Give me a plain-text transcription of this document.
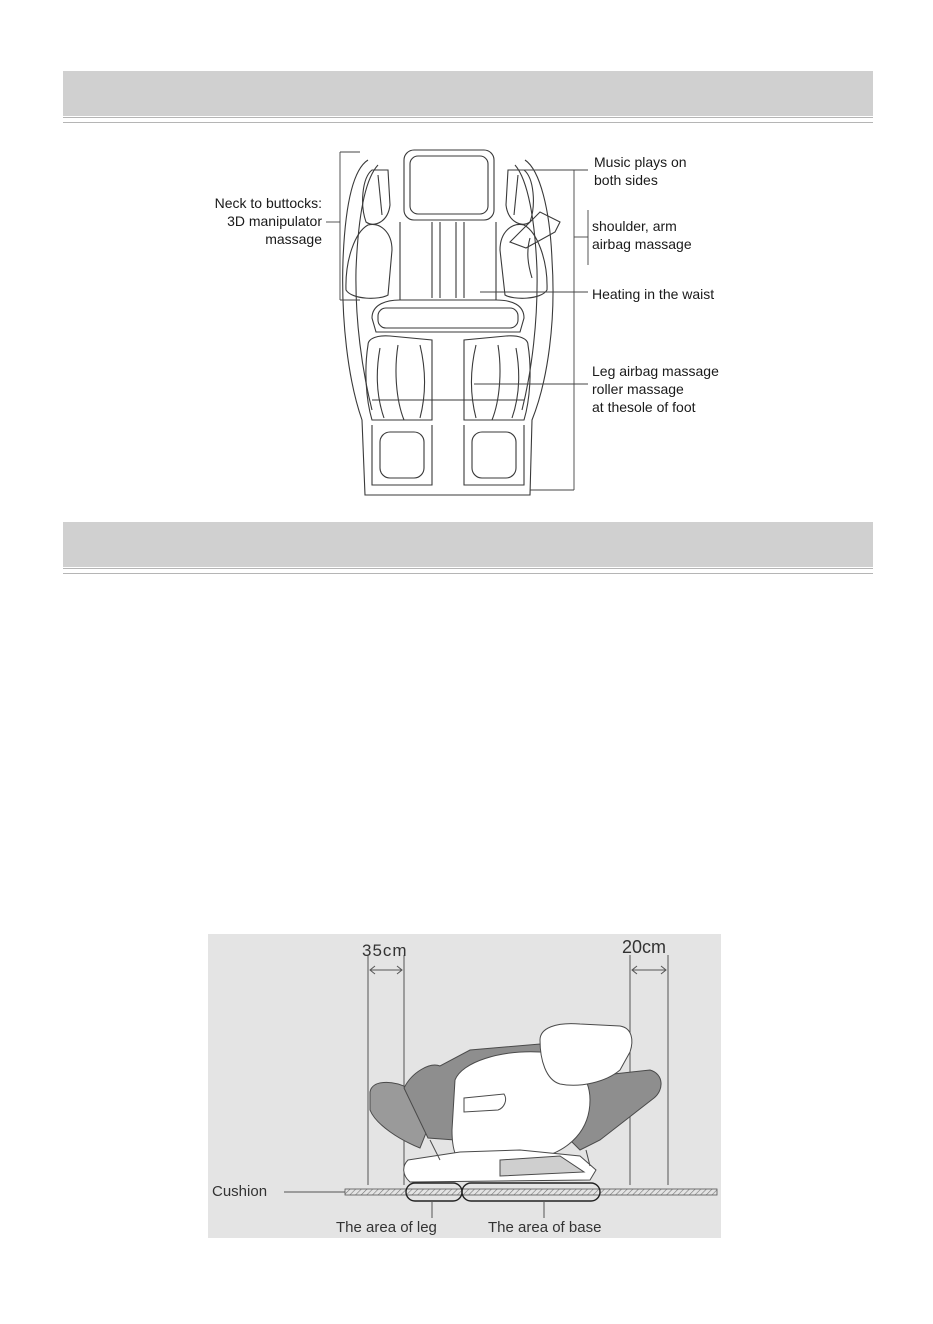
Neck to buttocks:
3D manipulator
massage
Music plays on
both sides
shoulder, arm
airbag massage
Heating in the waist
Leg airbag massage
roller massage
at thesole of foot
35cm	20cm
Cushion
The area of leg	The area of base
